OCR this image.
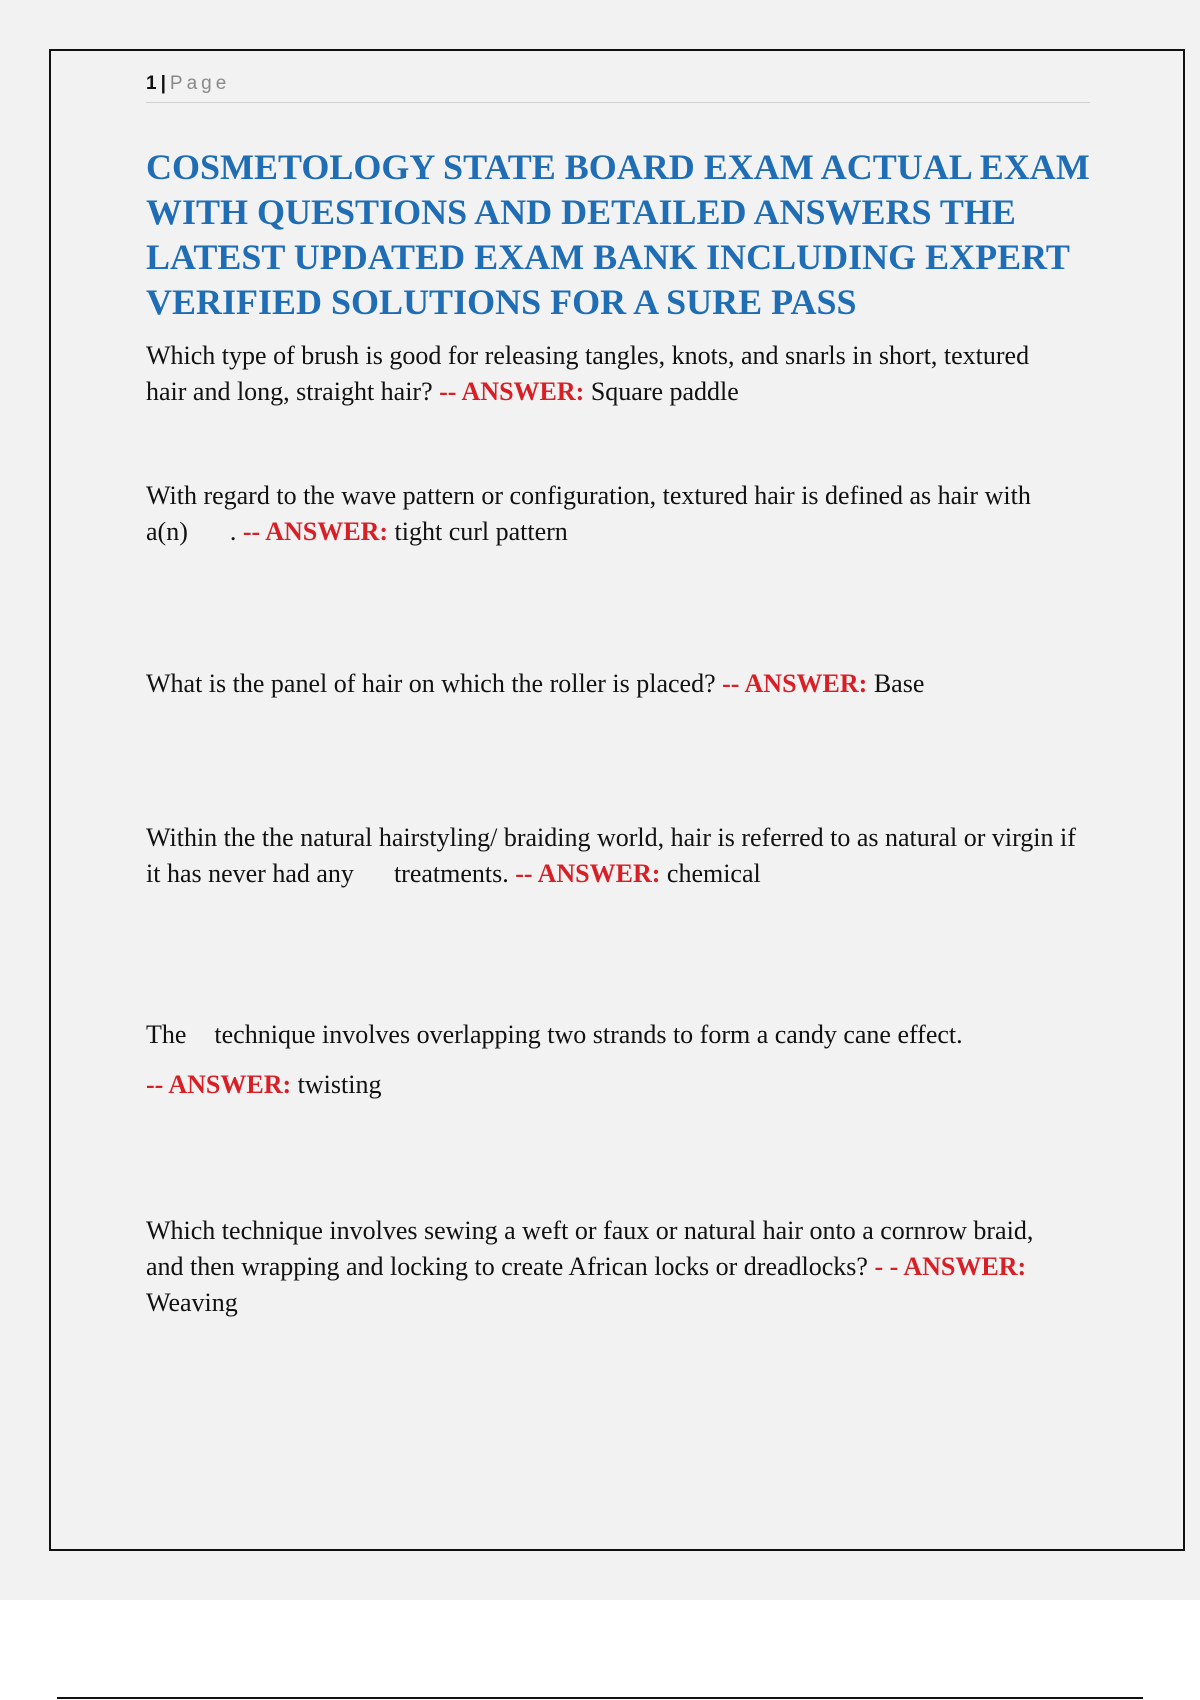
1 | Page
COSMETOLOGY STATE BOARD EXAM ACTUAL EXAM WITH QUESTIONS AND DETAILED ANSWERS THE LATEST UPDATED EXAM BANK INCLUDING EXPERT VERIFIED SOLUTIONS FOR A SURE PASS

Which type of brush is good for releasing tangles, knots, and snarls in short, textured hair and long, straight hair? -- ANSWER: Square paddle

With regard to the wave pattern or configuration, textured hair is defined as hair with a(n) . -- ANSWER: tight curl pattern

What is the panel of hair on which the roller is placed? -- ANSWER: Base

Within the the natural hairstyling/ braiding world, hair is referred to as natural or virgin if it has never had any treatments. -- ANSWER: chemical

The technique involves overlapping two strands to form a candy cane effect.
-- ANSWER: twisting

Which technique involves sewing a weft or faux or natural hair onto a cornrow braid, and then wrapping and locking to create African locks or dreadlocks? - - ANSWER: Weaving
